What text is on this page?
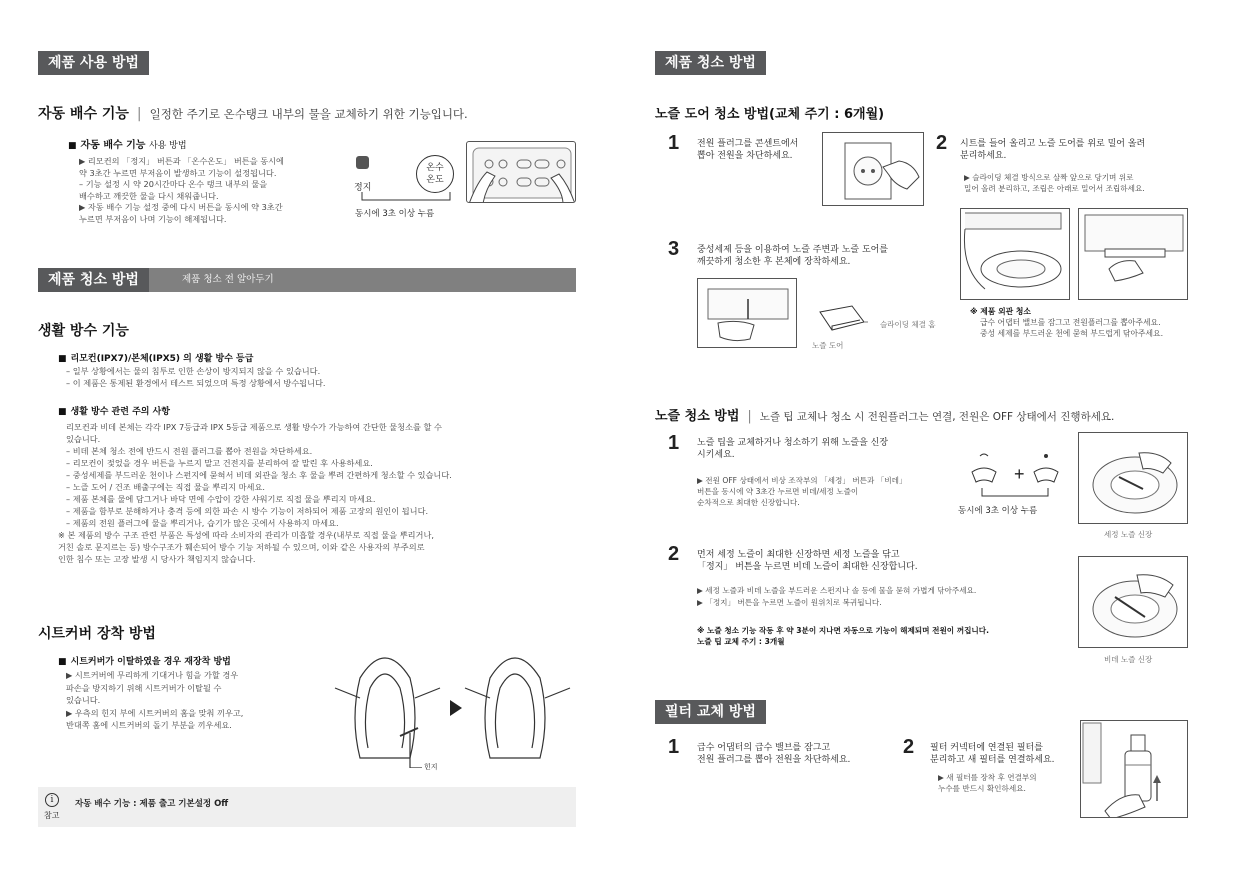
제품 사용 방법
자동 배수 기능 | 일정한 주기로 온수탱크 내부의 물을 교체하기 위한 기능입니다.
■ 자동 배수 기능 사용 방법
▶ 리모컨의 「정지」 버튼과 「온수온도」 버튼을 동시에
약 3초간 누르면 부저음이 발생하고 기능이 설정됩니다.
– 기능 설정 시 약 20시간마다 온수 탱크 내부의 물을
배수하고 깨끗한 물을 다시 채워줍니다.
▶ 자동 배수 기능 설정 중에 다시 버튼을 동시에 약 3초간
누르면 부저음이 나며 기능이 해제됩니다.
정지
온수
온도
동시에 3초 이상 누름
제품 청소 방법	제품 청소 전 알아두기
생활 방수 기능
■ 리모컨(IPX7)/본체(IPX5) 의 생활 방수 등급
– 일부 상황에서는 물의 침투로 인한 손상이 방지되지 않을 수 있습니다.
– 이 제품은 통제된 환경에서 테스트 되었으며 특정 상황에서 방수됩니다.
■ 생활 방수 관련 주의 사항
리모컨과 비데 본체는 각각 IPX 7등급과 IPX 5등급 제품으로 생활 방수가 가능하여 간단한 물청소를 할 수
있습니다.
– 비데 본체 청소 전에 반드시 전원 플러그를 뽑아 전원을 차단하세요.
– 리모컨이 젖었을 경우 버튼을 누르지 말고 건전지를 분리하여 잘 말린 후 사용하세요.
– 중성세제를 부드러운 천이나 스펀지에 묻혀서 비데 외관을 청소 후 물을 뿌려 간편하게 청소할 수 있습니다.
– 노즐 도어 / 건조 배출구에는 직접 물을 뿌리지 마세요.
– 제품 본체를 물에 담그거나 바닥 면에 수압이 강한 샤워기로 직접 물을 뿌리지 마세요.
– 제품을 함부로 분해하거나 충격 등에 의한 파손 시 방수 기능이 저하되어 제품 고장의 원인이 됩니다.
– 제품의 전원 플러그에 물을 뿌리거나, 습기가 많은 곳에서 사용하지 마세요.
※ 본 제품의 방수 구조 관련 부품은 특성에 따라 소비자의 관리가 미흡할 경우(내부로 직접 물을 뿌리거나,
거친 솔로 문지르는 등) 방수구조가 훼손되어 방수 기능 저하될 수 있으며, 이와 같은 사용자의 부주의로
인한 침수 또는 고장 발생 시 당사가 책임지지 않습니다.
시트커버 장착 방법
■ 시트커버가 이탈하였을 경우 재장착 방법
▶ 시트커버에 무리하게 기대거나 힘을 가할 경우
파손을 방지하기 위해 시트커버가 이탈될 수
있습니다.
▶ 우측의 힌지 부에 시트커버의 홈을 맞춰 끼우고,
반대쪽 홈에 시트커버의 돌기 부분을 끼우세요.
힌지
i
참고
자동 배수 기능 : 제품 출고 기본설정 Off
제품 청소 방법
노즐 도어 청소 방법(교체 주기 : 6개월)
1 전원 플러그를 콘센트에서
뽑아 전원을 차단하세요.
2 시트를 들어 올리고 노즐 도어를 위로 밀어 올려
분리하세요.
▶ 슬라이딩 체결 방식으로 살짝 앞으로 당기며 위로
밀어 올려 분리하고, 조립은 아래로 밀어서 조립하세요.
3 중성세제 등을 이용하여 노즐 주변과 노즐 도어를
깨끗하게 청소한 후 본체에 장착하세요.
슬라이딩 체결 홈
노즐 도어
※ 제품 외관 청소
급수 어댑터 밸브를 잠그고 전원플러그를 뽑아주세요.
중성 세제를 부드러운 천에 묻혀 부드럽게 닦아주세요.
노즐 청소 방법 | 노즐 팁 교체나 청소 시 전원플러그는 연결, 전원은 OFF 상태에서 진행하세요.
1 노즐 팁을 교체하거나 청소하기 위해 노즐을 신장
시키세요.
▶ 전원 OFF 상태에서 비상 조작부의 「세정」 버튼과 「비데」
버튼을 동시에 약 3초간 누르면 비데/세정 노즐이
순차적으로 최대한 신장합니다.
+
동시에 3초 이상 누름
세정 노즐 신장
2 먼저 세정 노즐이 최대한 신장하면 세정 노즐을 닦고
「정지」 버튼을 누르면 비데 노즐이 최대한 신장합니다.
▶ 세정 노즐과 비데 노즐을 부드러운 스펀지나 솔 등에 물을 묻혀 가볍게 닦아주세요.
▶ 「정지」 버튼을 누르면 노즐이 원위치로 복귀됩니다.
※ 노즐 청소 기능 작동 후 약 3분이 지나면 자동으로 기능이 해제되며 전원이 꺼집니다.
노즐 팁 교체 주기 : 3개월
비데 노즐 신장
필터 교체 방법
1 급수 어댑터의 급수 밸브를 잠그고
전원 플러그를 뽑아 전원을 차단하세요.
2 필터 커넥터에 연결된 필터를
분리하고 새 필터를 연결하세요.
▶ 새 필터를 장착 후 연결부의
누수를 반드시 확인하세요.
